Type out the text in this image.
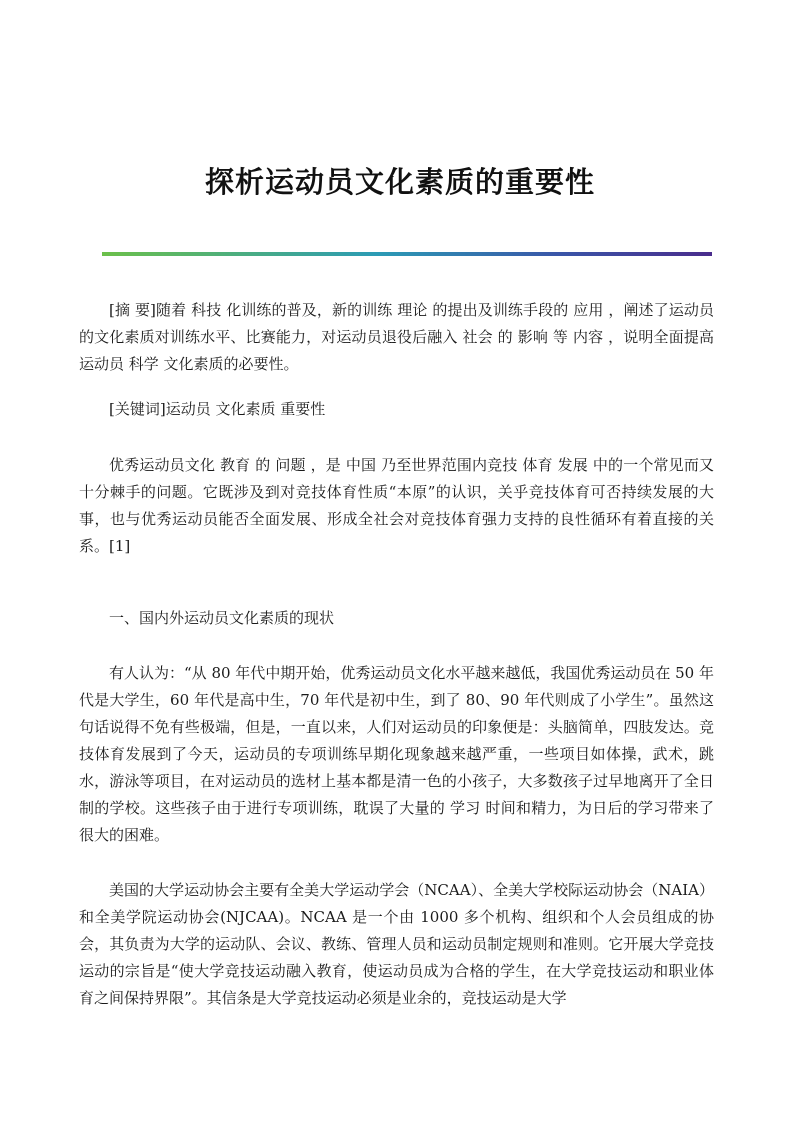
探析运动员文化素质的重要性

[摘 要]随着 科技 化训练的普及，新的训练 理论 的提出及训练手段的 应用 ，阐述了运动员的文化素质对训练水平、比赛能力，对运动员退役后融入 社会 的 影响 等 内容 ，说明全面提高运动员 科学 文化素质的必要性。

[关键词]运动员 文化素质 重要性

优秀运动员文化 教育 的 问题 ，是 中国 乃至世界范围内竞技 体育 发展 中的一个常见而又十分棘手的问题。它既涉及到对竞技体育性质“本原”的认识，关乎竞技体育可否持续发展的大事，也与优秀运动员能否全面发展、形成全社会对竞技体育强力支持的良性循环有着直接的关系。[1]

一、国内外运动员文化素质的现状

有人认为：“从 80 年代中期开始，优秀运动员文化水平越来越低，我国优秀运动员在 50 年代是大学生，60 年代是高中生，70 年代是初中生，到了 80、90 年代则成了小学生”。虽然这句话说得不免有些极端，但是，一直以来，人们对运动员的印象便是：头脑简单，四肢发达。竞技体育发展到了今天，运动员的专项训练早期化现象越来越严重，一些项目如体操，武术，跳水，游泳等项目，在对运动员的选材上基本都是清一色的小孩子，大多数孩子过早地离开了全日制的学校。这些孩子由于进行专项训练，耽误了大量的 学习 时间和精力，为日后的学习带来了很大的困难。

美国的大学运动协会主要有全美大学运动学会（NCAA）、全美大学校际运动协会（NAIA）和全美学院运动协会(NJCAA)。NCAA 是一个由 1000 多个机构、组织和个人会员组成的协会，其负责为大学的运动队、会议、教练、管理人员和运动员制定规则和准则。它开展大学竞技运动的宗旨是“使大学竞技运动融入教育，使运动员成为合格的学生，在大学竞技运动和职业体育之间保持界限”。其信条是大学竞技运动必须是业余的，竞技运动是大学
